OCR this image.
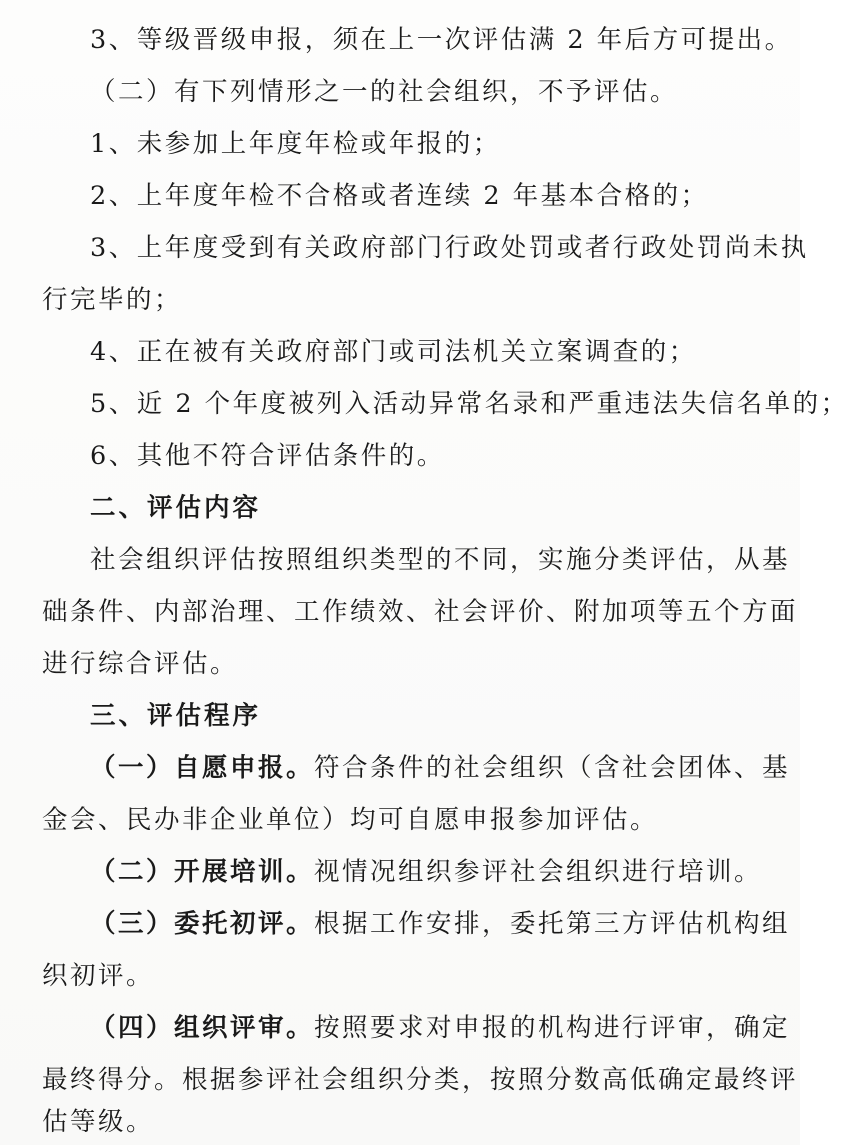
3、等级晋级申报，须在上一次评估满 2 年后方可提出。
（二）有下列情形之一的社会组织，不予评估。
1、未参加上年度年检或年报的；
2、上年度年检不合格或者连续 2 年基本合格的；
3、上年度受到有关政府部门行政处罚或者行政处罚尚未执
行完毕的；
4、正在被有关政府部门或司法机关立案调查的；
5、近 2 个年度被列入活动异常名录和严重违法失信名单的；
6、其他不符合评估条件的。
二、评估内容
社会组织评估按照组织类型的不同，实施分类评估，从基
础条件、内部治理、工作绩效、社会评价、附加项等五个方面
进行综合评估。
三、评估程序
（一）自愿申报。符合条件的社会组织（含社会团体、基
金会、民办非企业单位）均可自愿申报参加评估。
（二）开展培训。视情况组织参评社会组织进行培训。
（三）委托初评。根据工作安排，委托第三方评估机构组
织初评。
（四）组织评审。按照要求对申报的机构进行评审，确定
最终得分。根据参评社会组织分类，按照分数高低确定最终评
估等级。
